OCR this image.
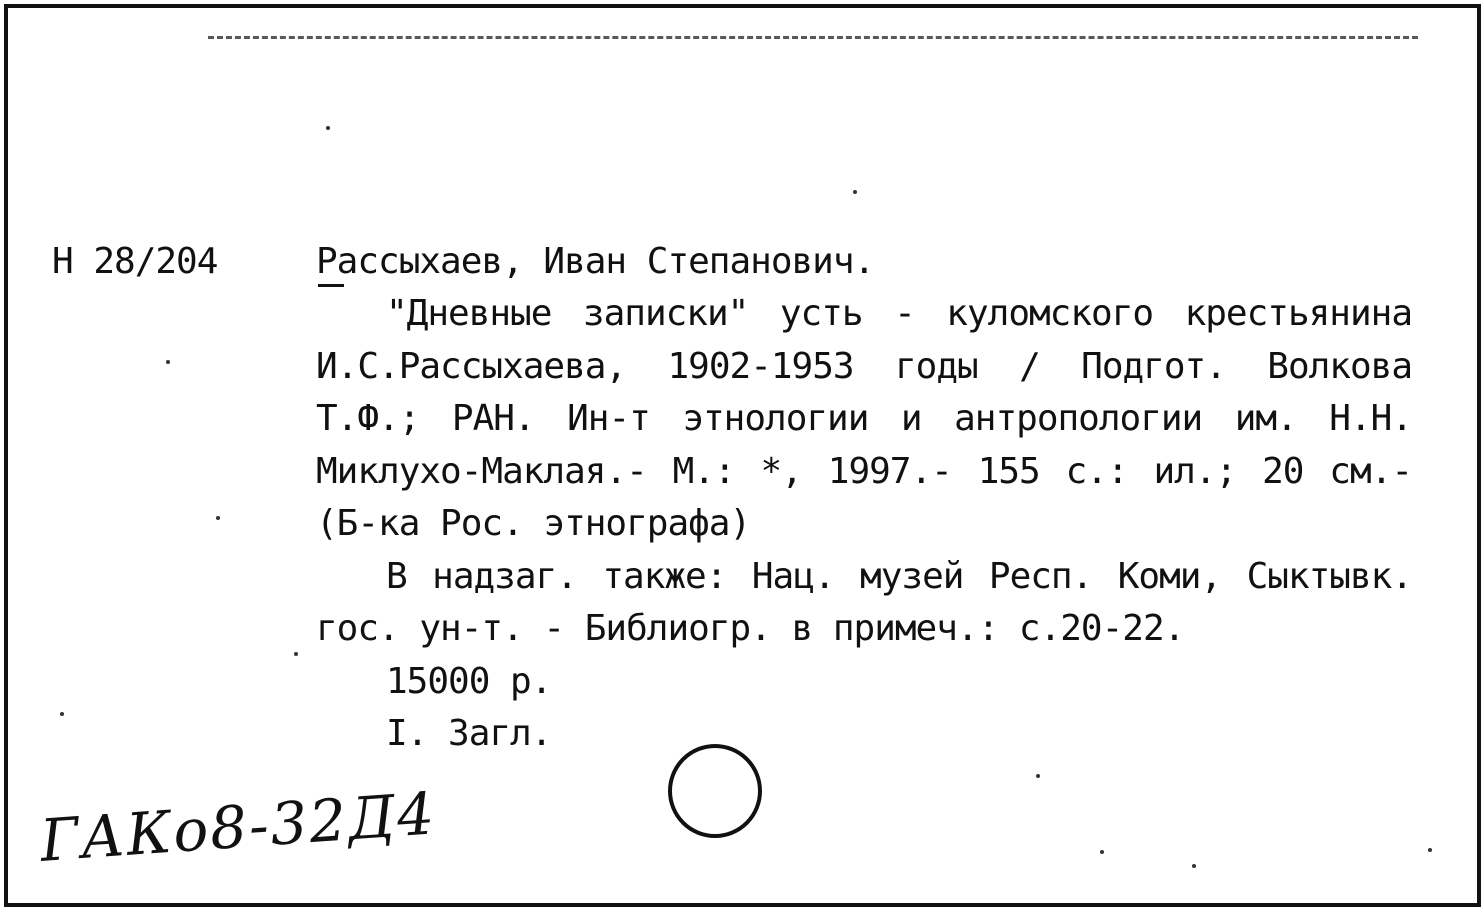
Н 28/204	Рассыхаев, Иван Степанович.

"Дневные записки" усть - куломского крестьянина И.С.Рассыхаева, 1902-1953 годы / Подгот. Волкова Т.Ф.; РАН. Ин-т этнологии и антропологии им. Н.Н. Миклухо-Маклая.- М.: *, 1997.- 155 с.: ил.; 20 см.- (Б-ка Рос. этнографа)

В надзаг. также: Нац. музей Респ. Коми, Сыктывк. гос. ун-т. - Библиогр. в примеч.: с.20-22.

15000 р.

I. Загл.

ГАКо8-32Д4
